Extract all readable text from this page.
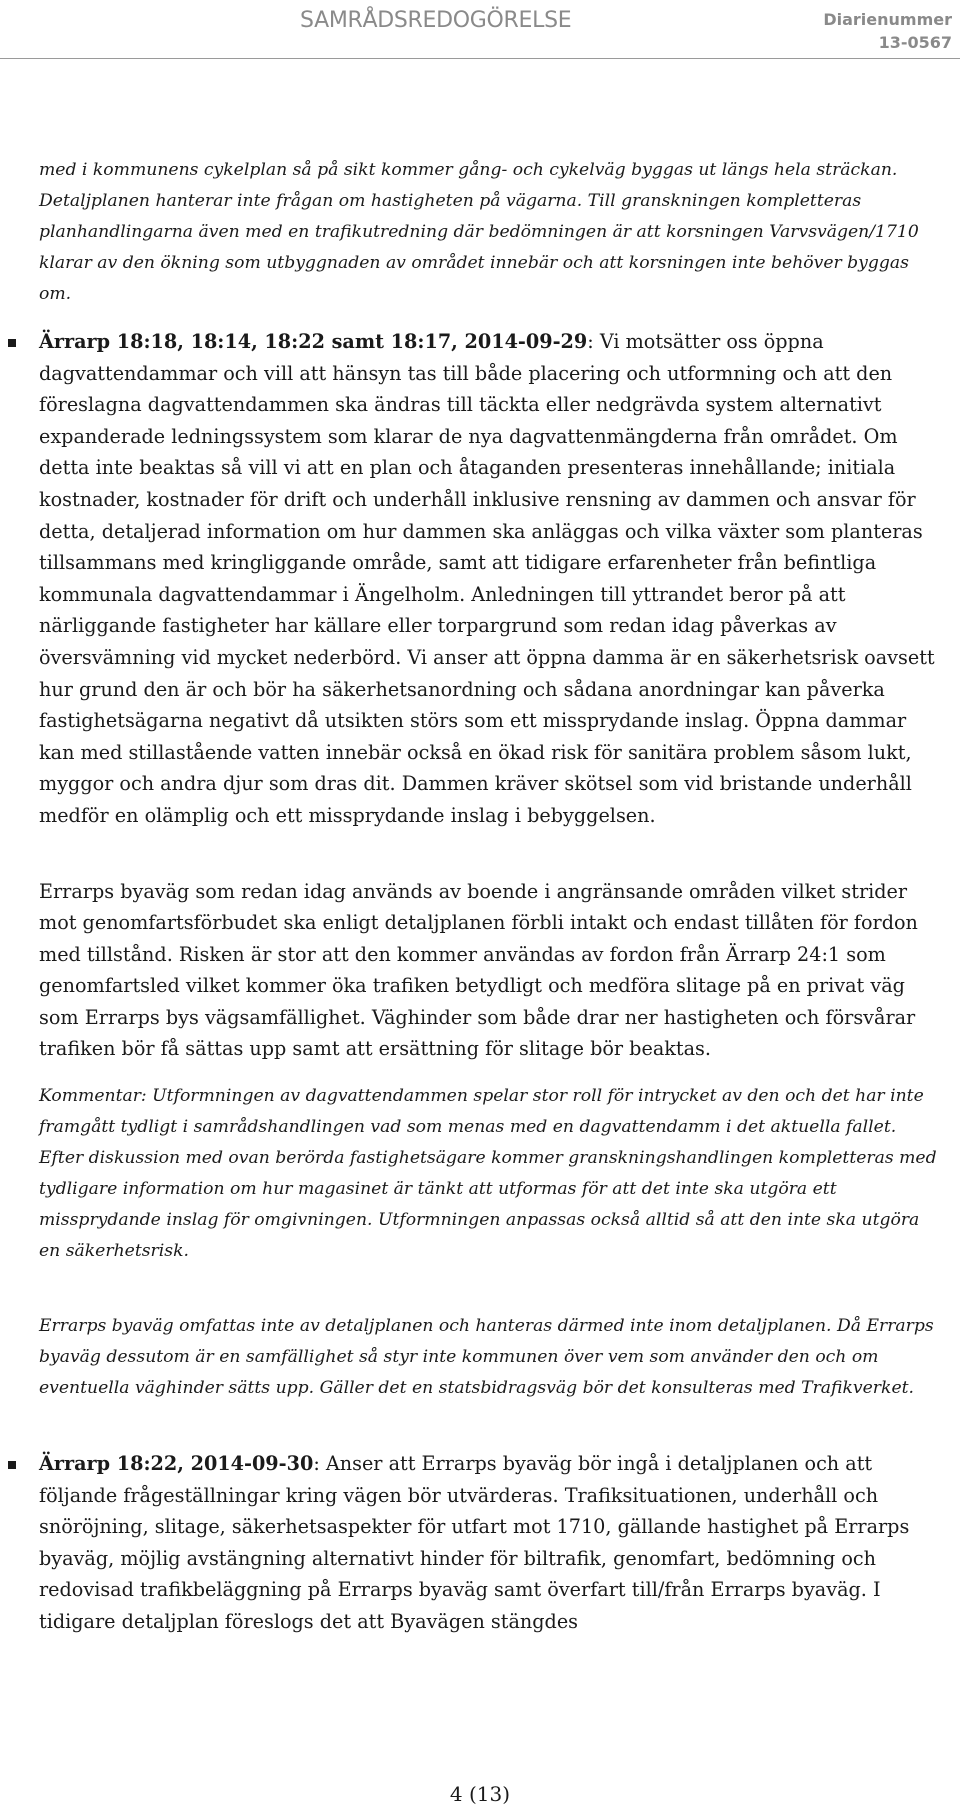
SAMRÅDSREDOGÖRELSE	Diarienummer
13-0567

med i kommunens cykelplan så på sikt kommer gång- och cykelväg byggas ut längs hela sträckan. Detaljplanen hanterar inte frågan om hastigheten på vägarna. Till granskningen kompletteras planhandlingarna även med en trafikutredning där bedömningen är att korsningen Varvsvägen/1710 klarar av den ökning som utbyggnaden av området innebär och att korsningen inte behöver byggas om.

Ärrarp 18:18, 18:14, 18:22 samt 18:17, 2014-09-29: Vi motsätter oss öppna dagvattendammar och vill att hänsyn tas till både placering och utformning och att den föreslagna dagvattendammen ska ändras till täckta eller nedgrävda system alternativt expanderade ledningssystem som klarar de nya dagvattenmängderna från området. Om detta inte beaktas så vill vi att en plan och åtaganden presenteras innehållande; initiala kostnader, kostnader för drift och underhåll inklusive rensning av dammen och ansvar för detta, detaljerad information om hur dammen ska anläggas och vilka växter som planteras tillsammans med kringliggande område, samt att tidigare erfarenheter från befintliga kommunala dagvattendammar i Ängelholm. Anledningen till yttrandet beror på att närliggande fastigheter har källare eller torpargrund som redan idag påverkas av översvämning vid mycket nederbörd. Vi anser att öppna damma är en säkerhetsrisk oavsett hur grund den är och bör ha säkerhetsanordning och sådana anordningar kan påverka fastighetsägarna negativt då utsikten störs som ett missprydande inslag. Öppna dammar kan med stillastående vatten innebär också en ökad risk för sanitära problem såsom lukt, myggor och andra djur som dras dit. Dammen kräver skötsel som vid bristande underhåll medför en olämplig och ett missprydande inslag i bebyggelsen.

Errarps byaväg som redan idag används av boende i angränsande områden vilket strider mot genomfartsförbudet ska enligt detaljplanen förbli intakt och endast tillåten för fordon med tillstånd. Risken är stor att den kommer användas av fordon från Ärrarp 24:1 som genomfartsled vilket kommer öka trafiken betydligt och medföra slitage på en privat väg som Errarps bys vägsamfällighet. Väghinder som både drar ner hastigheten och försvårar trafiken bör få sättas upp samt att ersättning för slitage bör beaktas.

Kommentar: Utformningen av dagvattendammen spelar stor roll för intrycket av den och det har inte framgått tydligt i samrådshandlingen vad som menas med en dagvattendamm i det aktuella fallet. Efter diskussion med ovan berörda fastighetsägare kommer granskningshandlingen kompletteras med tydligare information om hur magasinet är tänkt att utformas för att det inte ska utgöra ett missprydande inslag för omgivningen. Utformningen anpassas också alltid så att den inte ska utgöra en säkerhetsrisk.

Errarps byaväg omfattas inte av detaljplanen och hanteras därmed inte inom detaljplanen. Då Errarps byaväg dessutom är en samfällighet så styr inte kommunen över vem som använder den och om eventuella väghinder sätts upp. Gäller det en statsbidragsväg bör det konsulteras med Trafikverket.

Ärrarp 18:22, 2014-09-30: Anser att Errarps byaväg bör ingå i detaljplanen och att följande frågeställningar kring vägen bör utvärderas. Trafiksituationen, underhåll och snöröjning, slitage, säkerhetsaspekter för utfart mot 1710, gällande hastighet på Errarps byaväg, möjlig avstängning alternativt hinder för biltrafik, genomfart, bedömning och redovisad trafikbeläggning på Errarps byaväg samt överfart till/från Errarps byaväg. I tidigare detaljplan föreslogs det att Byavägen stängdes
4 (13)
